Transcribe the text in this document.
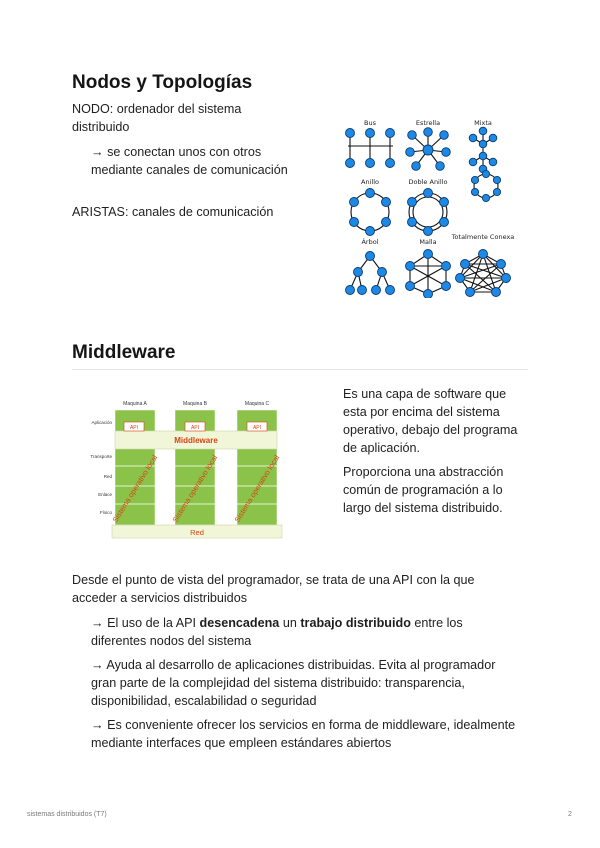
Nodos y Topologías
NODO: ordenador del sistema distribuido
→ se conectan unos con otros mediante canales de comunicación
ARISTAS: canales de comunicación
Bus	Estrella	Mixta
Anillo	Doble Anillo
Árbol	Malla
Totalmente Conexa
Middleware
Maquina A	Maquina B	Maquina C
Aplicación
Transporte
Red
Enlace
Físico
Middleware
API	API	API
Sistema operativo local Sistema operativo local Sistema operativo local
Red
Es una capa de software que esta por encima del sistema operativo, debajo del programa de aplicación.
Proporciona una abstracción común de programación a lo largo del sistema distribuido.
Desde el punto de vista del programador, se trata de una API con la que acceder a servicios distribuidos
→ El uso de la API desencadena un trabajo distribuido entre los diferentes nodos del sistema
→ Ayuda al desarrollo de aplicaciones distribuidas. Evita al programador gran parte de la complejidad del sistema distribuido: transparencia, disponibilidad, escalabilidad o seguridad
→ Es conveniente ofrecer los servicios en forma de middleware, idealmente mediante interfaces que empleen estándares abiertos
sistemas distribuidos (T7)	2
